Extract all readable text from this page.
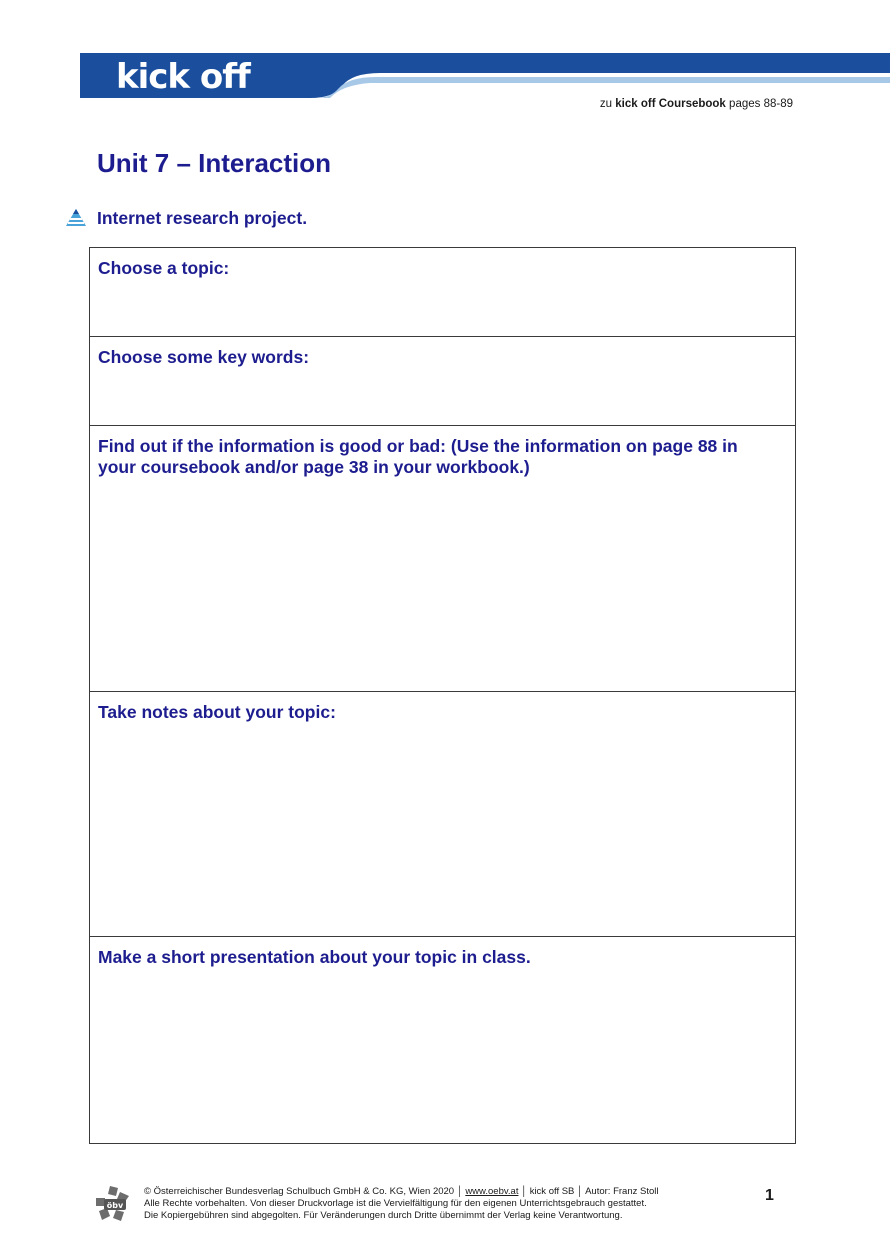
kick off
zu kick off Coursebook pages 88-89
Unit 7 – Interaction
Internet research project.
Choose a topic:
Choose some key words:
Find out if the information is good or bad: (Use the information on page 88 in your coursebook and/or page 38 in your workbook.)
Take notes about your topic:
Make a short presentation about your topic in class.
öbv
© Österreichischer Bundesverlag Schulbuch GmbH & Co. KG, Wien 2020 │ www.oebv.at │ kick off SB │ Autor: Franz Stoll
Alle Rechte vorbehalten. Von dieser Druckvorlage ist die Vervielfältigung für den eigenen Unterrichtsgebrauch gestattet.
Die Kopiergebühren sind abgegolten. Für Veränderungen durch Dritte übernimmt der Verlag keine Verantwortung.
1
